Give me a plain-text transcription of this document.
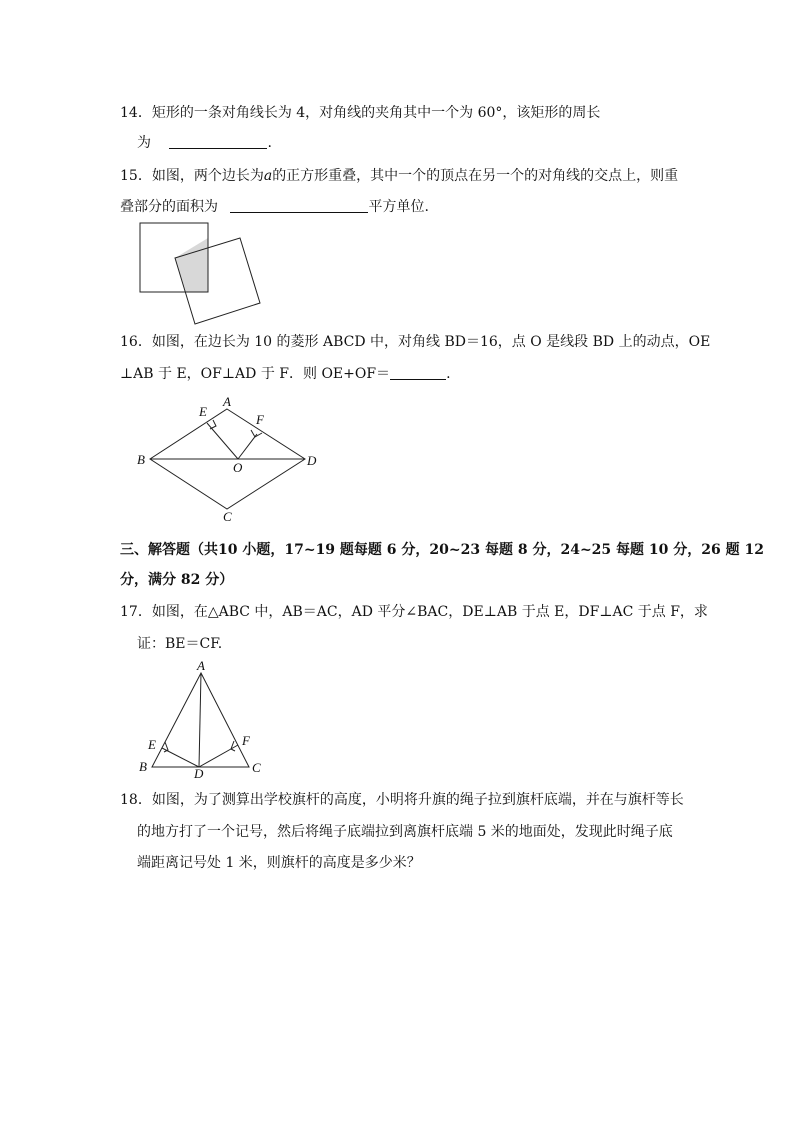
14．矩形的一条对角线长为 4，对角线的夹角其中一个为 60°，该矩形的周长
为	.
15．如图，两个边长为a的正方形重叠，其中一个的顶点在另一个的对角线的交点上，则重
叠部分的面积为	平方单位.
16．如图，在边长为 10 的菱形 ABCD 中，对角线 BD＝16，点 O 是线段 BD 上的动点，OE
⊥AB 于 E，OF⊥AD 于 F．则 OE+OF＝	.
A
B
C
D
E
F
O
三、解答题（共10 小题，17~19 题每题 6 分，20~23 每题 8 分，24~25 每题 10 分，26 题 12
分，满分 82 分）
17．如图，在△ABC 中，AB＝AC，AD 平分∠BAC，DE⊥AB 于点 E，DF⊥AC 于点 F，求
证：BE＝CF.
A
B	C
D
E	F
18．如图，为了测算出学校旗杆的高度，小明将升旗的绳子拉到旗杆底端，并在与旗杆等长
的地方打了一个记号，然后将绳子底端拉到离旗杆底端 5 米的地面处，发现此时绳子底
端距离记号处 1 米，则旗杆的高度是多少米？
